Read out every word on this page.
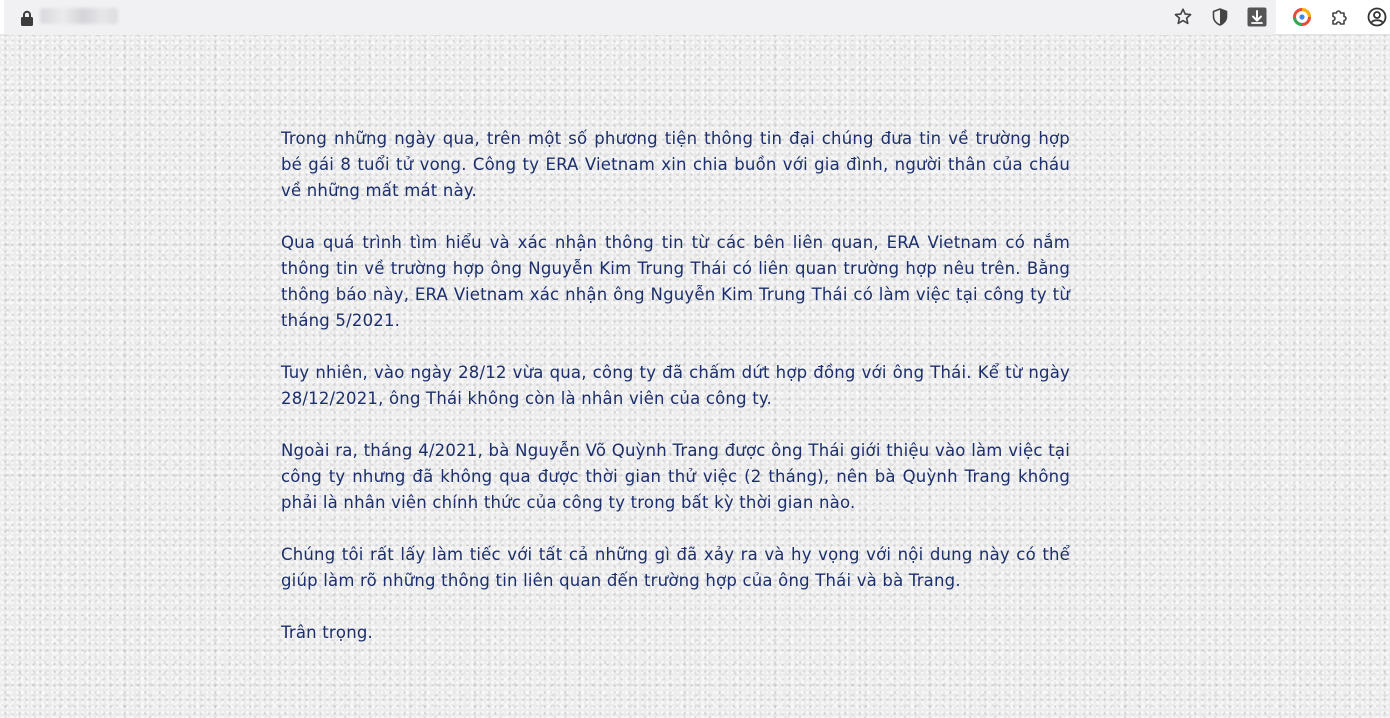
Trong những ngày qua, trên một số phương tiện thông tin đại chúng đưa tin về trường hợp bé gái 8 tuổi tử vong. Công ty ERA Vietnam xin chia buồn với gia đình, người thân của cháu về những mất mát này.

Qua quá trình tìm hiểu và xác nhận thông tin từ các bên liên quan, ERA Vietnam có nắm thông tin về trường hợp ông Nguyễn Kim Trung Thái có liên quan trường hợp nêu trên. Bằng thông báo này, ERA Vietnam xác nhận ông Nguyễn Kim Trung Thái có làm việc tại công ty từ tháng 5/2021.

Tuy nhiên, vào ngày 28/12 vừa qua, công ty đã chấm dứt hợp đồng với ông Thái. Kể từ ngày 28/12/2021, ông Thái không còn là nhân viên của công ty.

Ngoài ra, tháng 4/2021, bà Nguyễn Võ Quỳnh Trang được ông Thái giới thiệu vào làm việc tại công ty nhưng đã không qua được thời gian thử việc (2 tháng), nên bà Quỳnh Trang không phải là nhân viên chính thức của công ty trong bất kỳ thời gian nào.

Chúng tôi rất lấy làm tiếc với tất cả những gì đã xảy ra và hy vọng với nội dung này có thể giúp làm rõ những thông tin liên quan đến trường hợp của ông Thái và bà Trang.

Trân trọng.
